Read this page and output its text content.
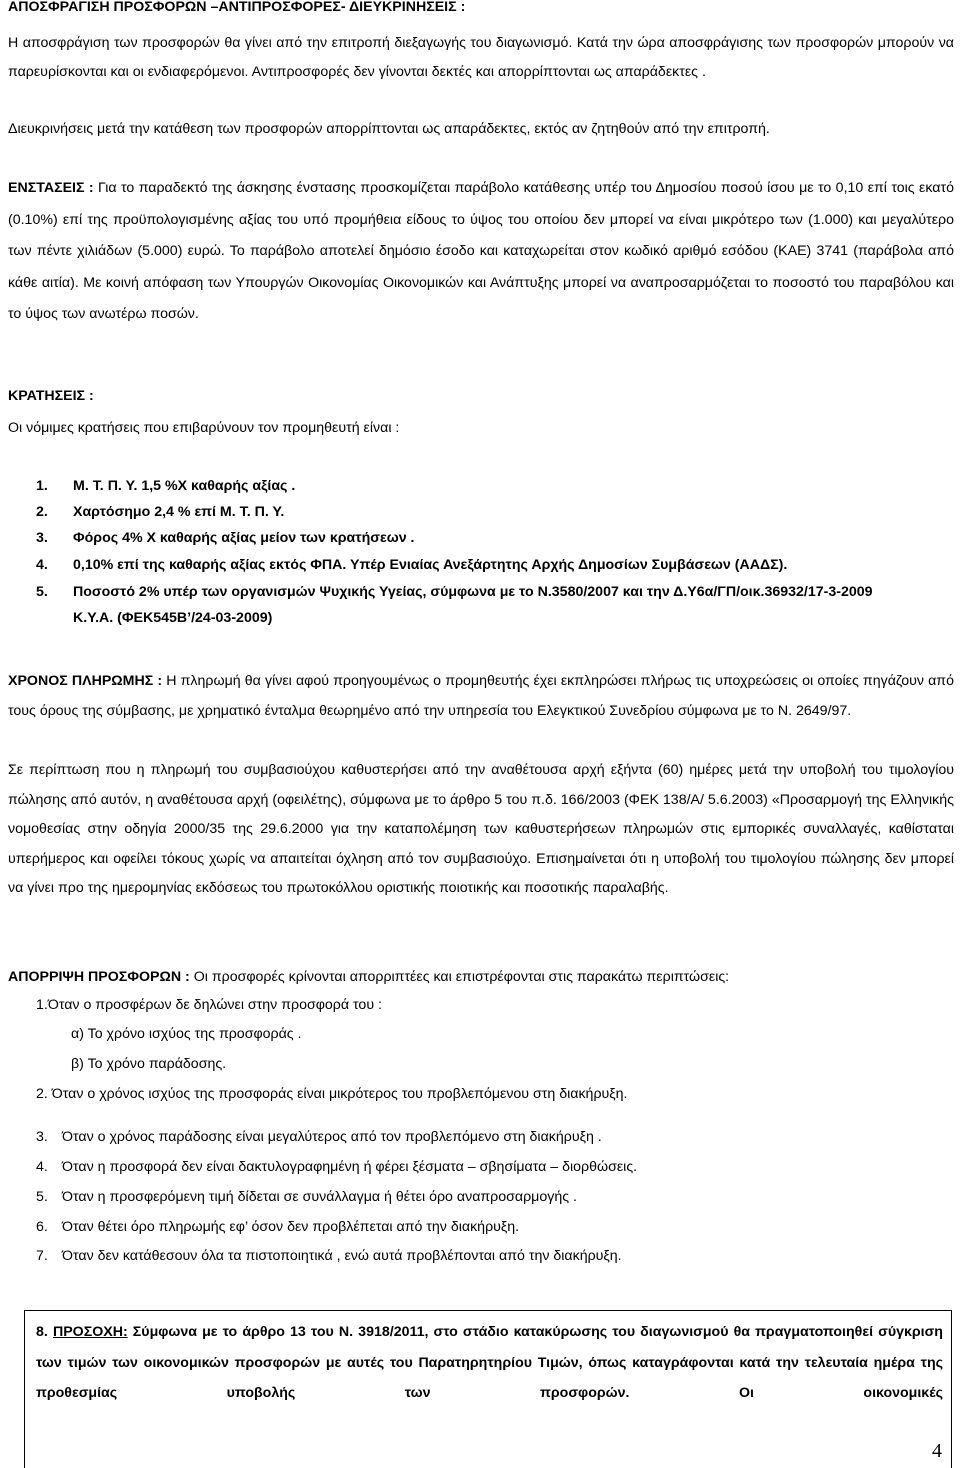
ΑΠΟΣΦΡΑΓΙΣΗ ΠΡΟΣΦΟΡΩΝ –ΑΝΤΙΠΡΟΣΦΟΡΕΣ- ΔΙΕΥΚΡΙΝΗΣΕΙΣ :

Η αποσφράγιση των προσφορών θα γίνει από την επιτροπή διεξαγωγής του διαγωνισμό. Κατά την ώρα αποσφράγισης των προσφορών μπορούν να παρευρίσκονται και οι ενδιαφερόμενοι. Αντιπροσφορές δεν γίνονται δεκτές και απορρίπτονται ως απαράδεκτες .

Διευκρινήσεις μετά την κατάθεση των προσφορών απορρίπτονται ως απαράδεκτες, εκτός αν ζητηθούν από την επιτροπή.

ΕΝΣΤΑΣΕΙΣ : Για το παραδεκτό της άσκησης ένστασης προσκομίζεται παράβολο κατάθεσης υπέρ του Δημοσίου ποσού ίσου με το 0,10 επί τοις εκατό (0.10%) επί της προϋπολογισμένης αξίας του υπό προμήθεια είδους το ύψος του οποίου δεν μπορεί να είναι μικρότερο των (1.000) και μεγαλύτερο των πέντε χιλιάδων (5.000) ευρώ. Το παράβολο αποτελεί δημόσιο έσοδο και καταχωρείται στον κωδικό αριθμό εσόδου (ΚΑΕ) 3741 (παράβολα από κάθε αιτία). Με κοινή απόφαση των Υπουργών Οικονομίας Οικονομικών και Ανάπτυξης μπορεί να αναπροσαρμόζεται το ποσοστό του παραβόλου και το ύψος των ανωτέρω ποσών.

ΚΡΑΤΗΣΕΙΣ :

Οι νόμιμες κρατήσεις που επιβαρύνουν τον προμηθευτή είναι :

1. Μ. Τ. Π. Υ. 1,5 %Χ καθαρής αξίας .
2. Χαρτόσημο 2,4 % επί Μ. Τ. Π. Υ.
3. Φόρος 4% Χ καθαρής αξίας μείον των κρατήσεων .
4. 0,10% επί της καθαρής αξίας εκτός ΦΠΑ. Υπέρ Ενιαίας Ανεξάρτητης Αρχής Δημοσίων Συμβάσεων (ΑΑΔΣ).
5. Ποσοστό 2% υπέρ των οργανισμών Ψυχικής Υγείας, σύμφωνα με το Ν.3580/2007 και την Δ.Υ6α/ΓΠ/οικ.36932/17-3-2009
Κ.Υ.Α. (ΦΕΚ545Β’/24-03-2009)

ΧΡΟΝΟΣ ΠΛΗΡΩΜΗΣ : Η πληρωμή θα γίνει αφού προηγουμένως ο προμηθευτής έχει εκπληρώσει πλήρως τις υποχρεώσεις οι οποίες πηγάζουν από τους όρους της σύμβασης, με χρηματικό ένταλμα θεωρημένο από την υπηρεσία του Ελεγκτικού Συνεδρίου σύμφωνα με το Ν. 2649/97.

Σε περίπτωση που η πληρωμή του συμβασιούχου καθυστερήσει από την αναθέτουσα αρχή εξήντα (60) ημέρες μετά την υποβολή του τιμολογίου πώλησης από αυτόν, η αναθέτουσα αρχή (οφειλέτης), σύμφωνα με το άρθρο 5 του π.δ. 166/2003 (ΦΕΚ 138/Α/ 5.6.2003) «Προσαρμογή της Ελληνικής νομοθεσίας στην οδηγία 2000/35 της 29.6.2000 για την καταπολέμηση των καθυστερήσεων πληρωμών στις εμπορικές συναλλαγές, καθίσταται υπερήμερος και οφείλει τόκους χωρίς να απαιτείται όχληση από τον συμβασιούχο. Επισημαίνεται ότι η υποβολή του τιμολογίου πώλησης δεν μπορεί να γίνει προ της ημερομηνίας εκδόσεως του πρωτοκόλλου οριστικής ποιοτικής και ποσοτικής παραλαβής.

ΑΠΟΡΡΙΨΗ ΠΡΟΣΦΟΡΩΝ : Οι προσφορές κρίνονται απορριπτέες και επιστρέφονται στις παρακάτω περιπτώσεις:

1.Όταν ο προσφέρων δε δηλώνει στην προσφορά του :
α) Το χρόνο ισχύος της προσφοράς .
β) Το χρόνο παράδοσης.
2. Όταν ο χρόνος ισχύος της προσφοράς είναι μικρότερος του προβλεπόμενου στη διακήρυξη.
3. Όταν ο χρόνος παράδοσης είναι μεγαλύτερος από τον προβλεπόμενο στη διακήρυξη .
4. Όταν η προσφορά δεν είναι δακτυλογραφημένη ή φέρει ξέσματα – σβησίματα – διορθώσεις.
5. Όταν η προσφερόμενη τιμή δίδεται σε συνάλλαγμα ή θέτει όρο αναπροσαρμογής .
6. Όταν θέτει όρο πληρωμής εφ’ όσον δεν προβλέπεται από την διακήρυξη.
7. Όταν δεν κατάθεσουν όλα τα πιστοποιητικά , ενώ αυτά προβλέπονται από την διακήρυξη.
8. ΠΡΟΣΟΧΗ: Σύμφωνα με το άρθρο 13 του Ν. 3918/2011, στο στάδιο κατακύρωσης του διαγωνισμού θα πραγματοποιηθεί σύγκριση των τιμών των οικονομικών προσφορών με αυτές του Παρατηρητηρίου Τιμών, όπως καταγράφονται κατά την τελευταία ημέρα της προθεσμίας υποβολής των προσφορών. Οι οικονομικές
4
